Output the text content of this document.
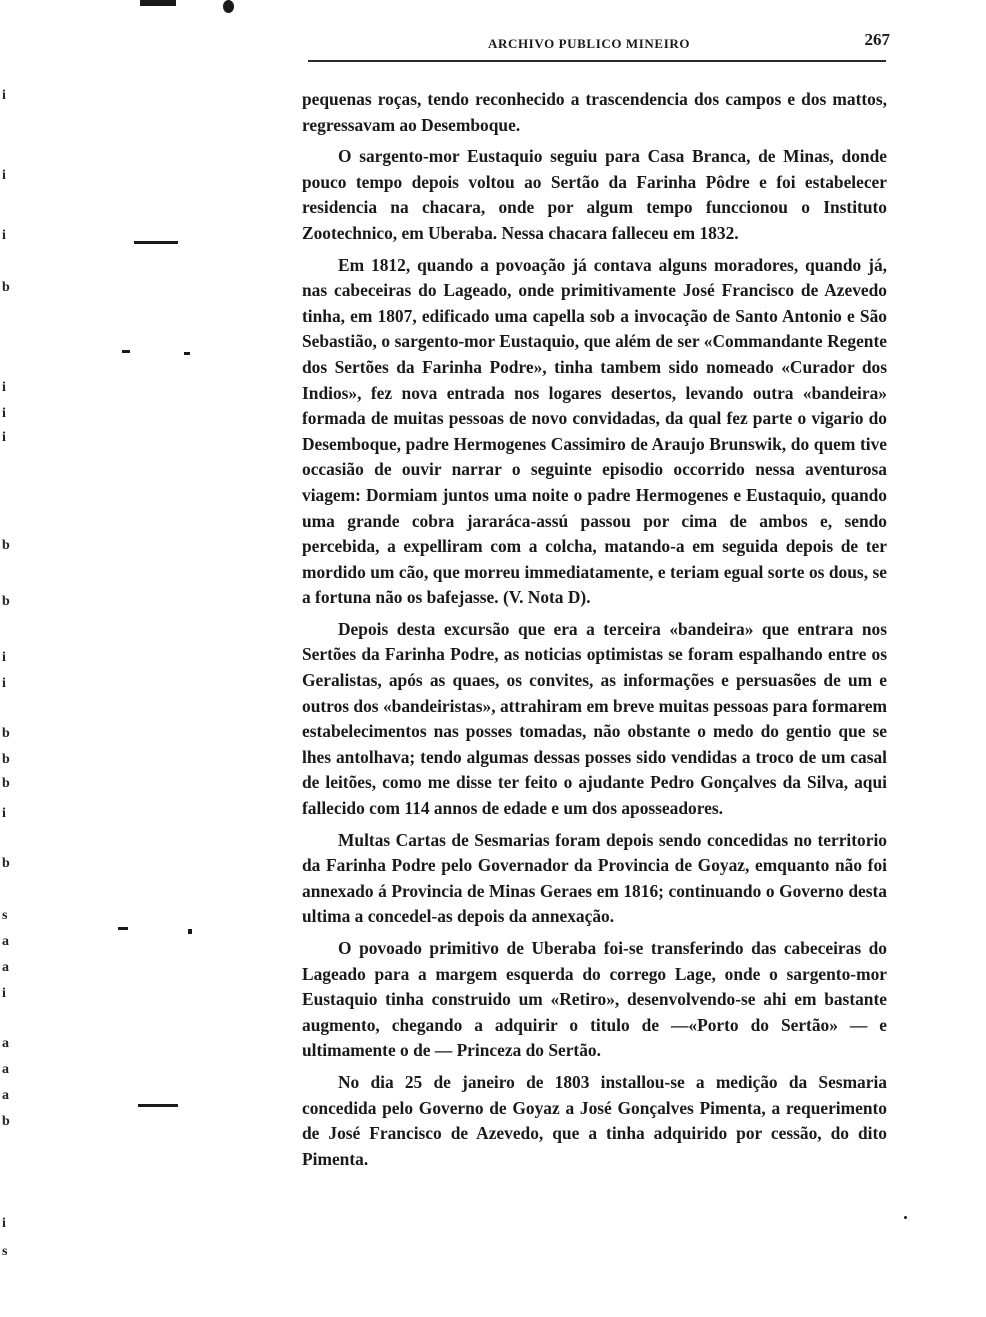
i
i
i
b
i
i
i
b
b
i
i
b
b
b
i
b
s
a
a
i
a
a
a
b
i
s
ARCHIVO PUBLICO MINEIRO	267

pequenas roças, tendo reconhecido a trascendencia dos campos e dos mattos, regressavam ao Desemboque.

O sargento-mor Eustaquio seguiu para Casa Branca, de Minas, donde pouco tempo depois voltou ao Sertão da Farinha Pôdre e foi estabelecer residencia na chacara, onde por algum tempo funccionou o Instituto Zootechnico, em Uberaba. Nessa chacara falleceu em 1832.

Em 1812, quando a povoação já contava alguns moradores, quando já, nas cabeceiras do Lageado, onde primitivamente José Francisco de Azevedo tinha, em 1807, edificado uma capella sob a invocação de Santo Antonio e São Sebastião, o sargento-mor Eustaquio, que além de ser «Commandante Regente dos Sertões da Farinha Podre», tinha tambem sido nomeado «Curador dos Indios», fez nova entrada nos logares desertos, levando outra «bandeira» formada de muitas pessoas de novo convidadas, da qual fez parte o vigario do Desemboque, padre Hermogenes Cassimiro de Araujo Brunswik, do quem tive occasião de ouvir narrar o seguinte episodio occorrido nessa aventurosa viagem: Dormiam juntos uma noite o padre Hermogenes e Eustaquio, quando uma grande cobra jararáca-assú passou por cima de ambos e, sendo percebida, a expelliram com a colcha, matando-a em seguida depois de ter mordido um cão, que morreu immediatamente, e teriam egual sorte os dous, se a fortuna não os bafejasse. (V. Nota D).

Depois desta excursão que era a terceira «bandeira» que entrara nos Sertões da Farinha Podre, as noticias optimistas se foram espalhando entre os Geralistas, após as quaes, os convites, as informações e persuasões de um e outros dos «bandeiristas», attrahiram em breve muitas pessoas para formarem estabelecimentos nas posses tomadas, não obstante o medo do gentio que se lhes antolhava; tendo algumas dessas posses sido vendidas a troco de um casal de leitões, como me disse ter feito o ajudante Pedro Gonçalves da Silva, aqui fallecido com 114 annos de edade e um dos aposseadores.

Multas Cartas de Sesmarias foram depois sendo concedidas no territorio da Farinha Podre pelo Governador da Provincia de Goyaz, emquanto não foi annexado á Provincia de Minas Geraes em 1816; continuando o Governo desta ultima a concedel-as depois da annexação.

O povoado primitivo de Uberaba foi-se transferindo das cabeceiras do Lageado para a margem esquerda do corrego Lage, onde o sargento-mor Eustaquio tinha construido um «Retiro», desenvolvendo-se ahi em bastante augmento, chegando a adquirir o titulo de —«Porto do Sertão» — e ultimamente o de — Princeza do Sertão.

No dia 25 de janeiro de 1803 installou-se a medição da Sesmaria concedida pelo Governo de Goyaz a José Gonçalves Pimenta, a requerimento de José Francisco de Azevedo, que a tinha adquirido por cessão, do dito Pimenta.
